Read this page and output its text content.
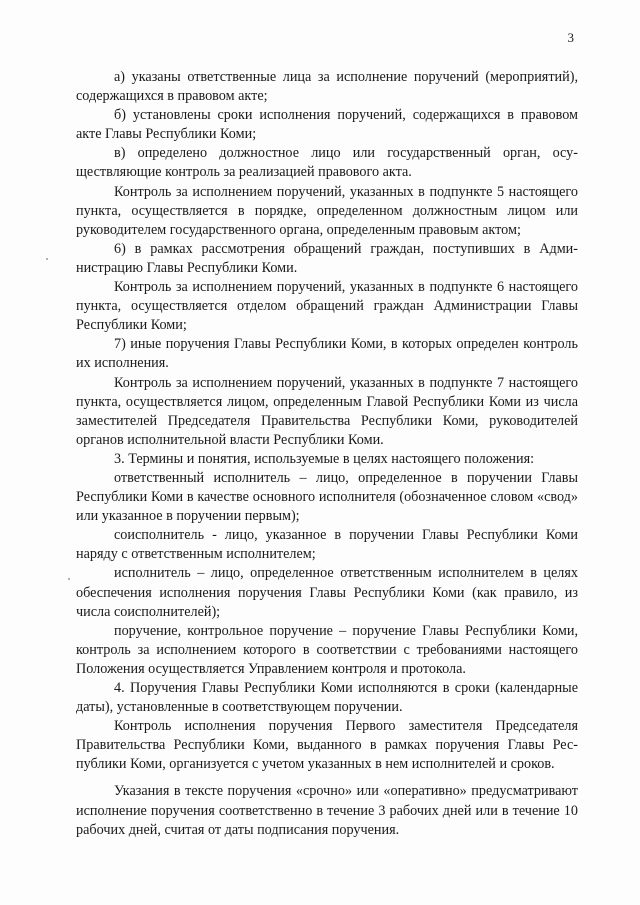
3

а) указаны ответственные лица за исполнение поручений (мероприятий), содержащихся в правовом акте;

б) установлены сроки исполнения поручений, содержащихся в правовом акте Главы Республики Коми;

в) определено должностное лицо или государственный орган, осуществляющие контроль за реализацией правового акта.

Контроль за исполнением поручений, указанных в подпункте 5 настоящего пункта, осуществляется в порядке, определенном должностным лицом или руководителем государственного органа, определенным правовым актом;

6) в рамках рассмотрения обращений граждан, поступивших в Администрацию Главы Республики Коми.

Контроль за исполнением поручений, указанных в подпункте 6 настоящего пункта, осуществляется отделом обращений граждан Администрации Главы Республики Коми;

7) иные поручения Главы Республики Коми, в которых определен контроль их исполнения.

Контроль за исполнением поручений, указанных в подпункте 7 настоящего пункта, осуществляется лицом, определенным Главой Республики Коми из числа заместителей Председателя Правительства Республики Коми, руководителей органов исполнительной власти Республики Коми.

3. Термины и понятия, используемые в целях настоящего положения:

ответственный исполнитель – лицо, определенное в поручении Главы Республики Коми в качестве основного исполнителя (обозначенное словом «свод» или указанное в поручении первым);

соисполнитель - лицо, указанное в поручении Главы Республики Коми наряду с ответственным исполнителем;

исполнитель – лицо, определенное ответственным исполнителем в целях обеспечения исполнения поручения Главы Республики Коми (как правило, из числа соисполнителей);

поручение, контрольное поручение – поручение Главы Республики Коми, контроль за исполнением которого в соответствии с требованиями настоящего Положения осуществляется Управлением контроля и протокола.

4. Поручения Главы Республики Коми исполняются в сроки (календарные даты), установленные в соответствующем поручении.

Контроль исполнения поручения Первого заместителя Председателя Правительства Республики Коми, выданного в рамках поручения Главы Республики Коми, организуется с учетом указанных в нем исполнителей и сроков.

Указания в тексте поручения «срочно» или «оперативно» предусматривают исполнение поручения соответственно в течение 3 рабочих дней или в течение 10 рабочих дней, считая от даты подписания поручения.
